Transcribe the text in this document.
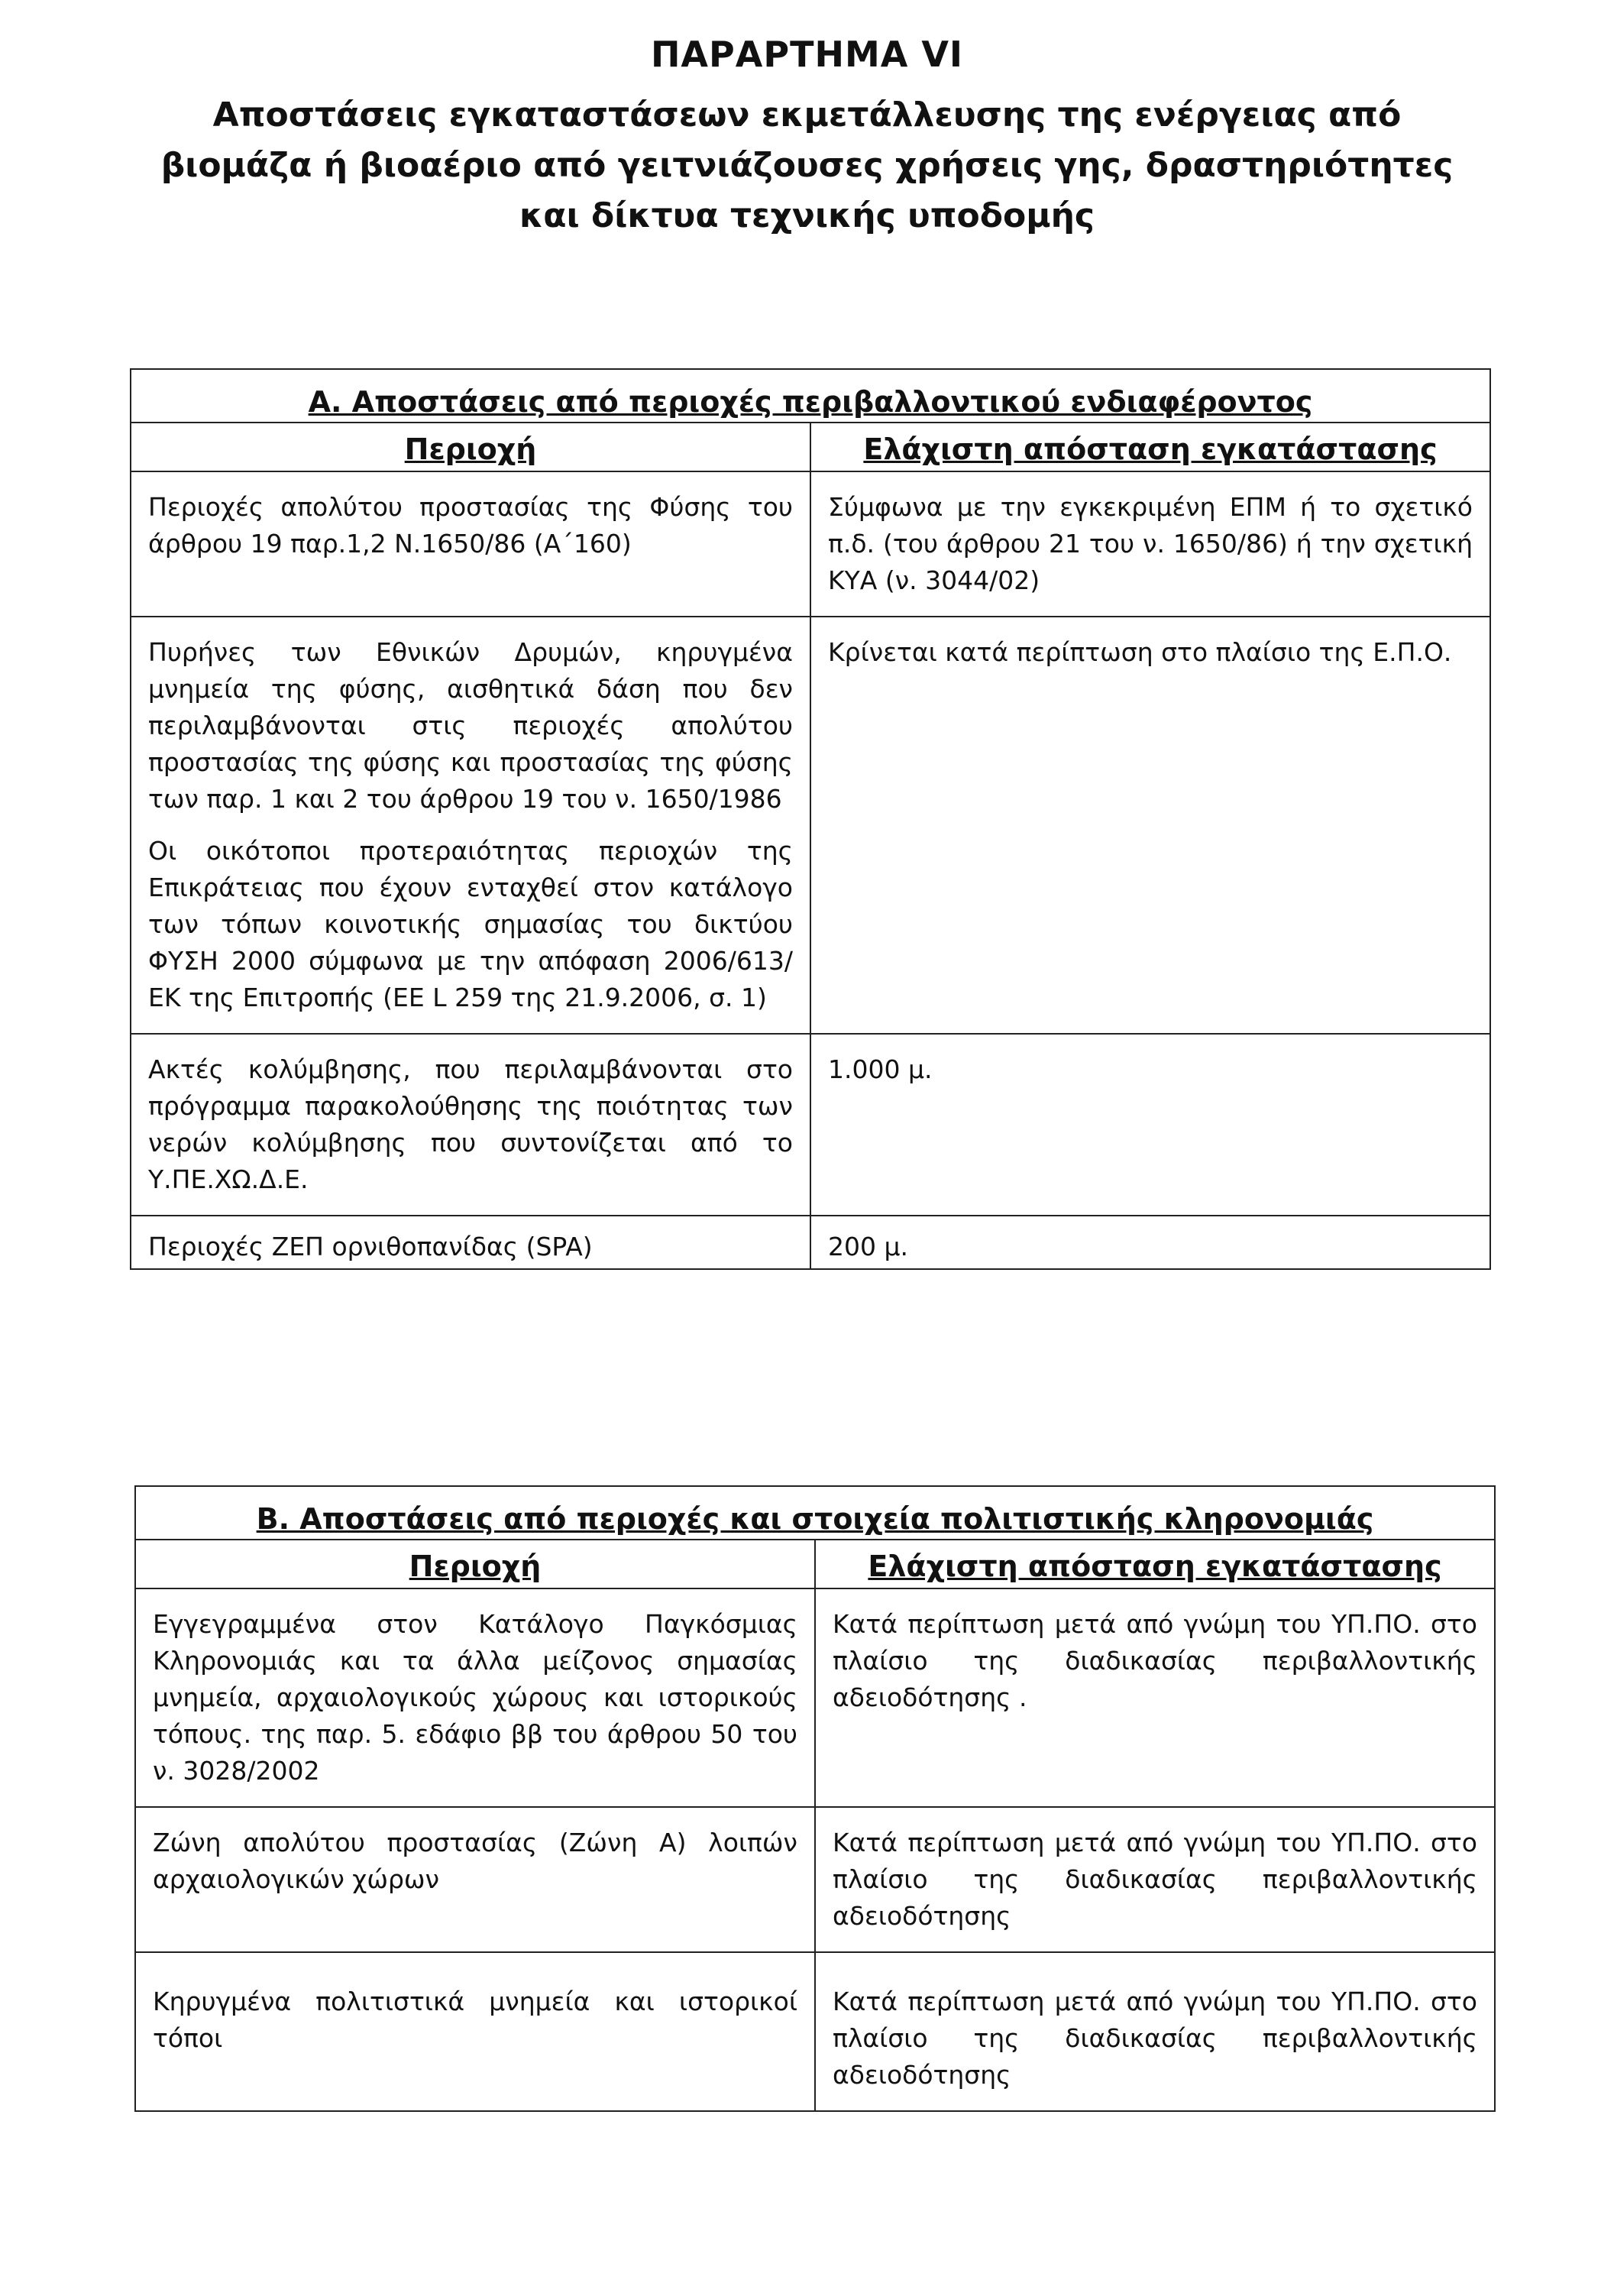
ΠΑΡΑΡΤΗΜΑ VI
Αποστάσεις εγκαταστάσεων εκμετάλλευσης της ενέργειας από βιομάζα ή βιοαέριο από γειτνιάζουσες χρήσεις γης, δραστηριότητες και δίκτυα τεχνικής υποδομής
Α. Αποστάσεις από περιοχές περιβαλλοντικού ενδιαφέροντος	
Περιοχή	Ελάχιστη απόσταση εγκατάστασης
Περιοχές απολύτου προστασίας της Φύσης του άρθρου 19 παρ.1,2 Ν.1650/86 (Α΄160)	Σύμφωνα με την εγκεκριμένη ΕΠΜ ή το σχετικό π.δ. (του άρθρου 21 του ν. 1650/86) ή την σχετική ΚΥΑ (ν. 3044/02)

Πυρήνες των Εθνικών Δρυμών, κηρυγμένα μνημεία της φύσης, αισθητικά δάση που δεν περιλαμβάνονται στις περιοχές απολύτου προστασίας της φύσης και προστασίας της φύσης των παρ. 1 και 2 του άρθρου 19 του ν. 1650/1986
Οι οικότοποι προτεραιότητας περιοχών της Επικράτειας που έχουν ενταχθεί στον κατάλογο των τόπων κοινοτικής σημασίας του δικτύου ΦΥΣΗ 2000 σύμφωνα με την απόφαση 2006/613/ΕΚ της Επιτροπής (ΕΕ L 259 της 21.9.2006, σ. 1)	Κρίνεται κατά περίπτωση στο πλαίσιο της Ε.Π.Ο.
Ακτές κολύμβησης, που περιλαμβάνονται στο πρόγραμμα παρακολούθησης της ποιότητας των νερών κολύμβησης που συντονίζεται από το Υ.ΠΕ.ΧΩ.Δ.Ε.	1.000 μ.
Περιοχές ΖΕΠ ορνιθοπανίδας (SPA)	200 μ.
Β. Αποστάσεις από περιοχές και στοιχεία πολιτιστικής κληρονομιάς	
Περιοχή	Ελάχιστη απόσταση εγκατάστασης
Εγγεγραμμένα στον Κατάλογο Παγκόσμιας Κληρονομιάς και τα άλλα μείζονος σημασίας μνημεία, αρχαιολογικούς χώρους και ιστορικούς τόπους. της παρ. 5. εδάφιο ββ του άρθρου 50 του ν. 3028/2002	Κατά περίπτωση μετά από γνώμη του ΥΠ.ΠΟ. στο πλαίσιο της διαδικασίας περιβαλλοντικής αδειοδότησης .
Ζώνη απολύτου προστασίας (Ζώνη Α) λοιπών αρχαιολογικών χώρων	Κατά περίπτωση μετά από γνώμη του ΥΠ.ΠΟ. στο πλαίσιο της διαδικασίας περιβαλλοντικής αδειοδότησης
Κηρυγμένα πολιτιστικά μνημεία και ιστορικοί τόποι	Κατά περίπτωση μετά από γνώμη του ΥΠ.ΠΟ. στο πλαίσιο της διαδικασίας περιβαλλοντικής αδειοδότησης
